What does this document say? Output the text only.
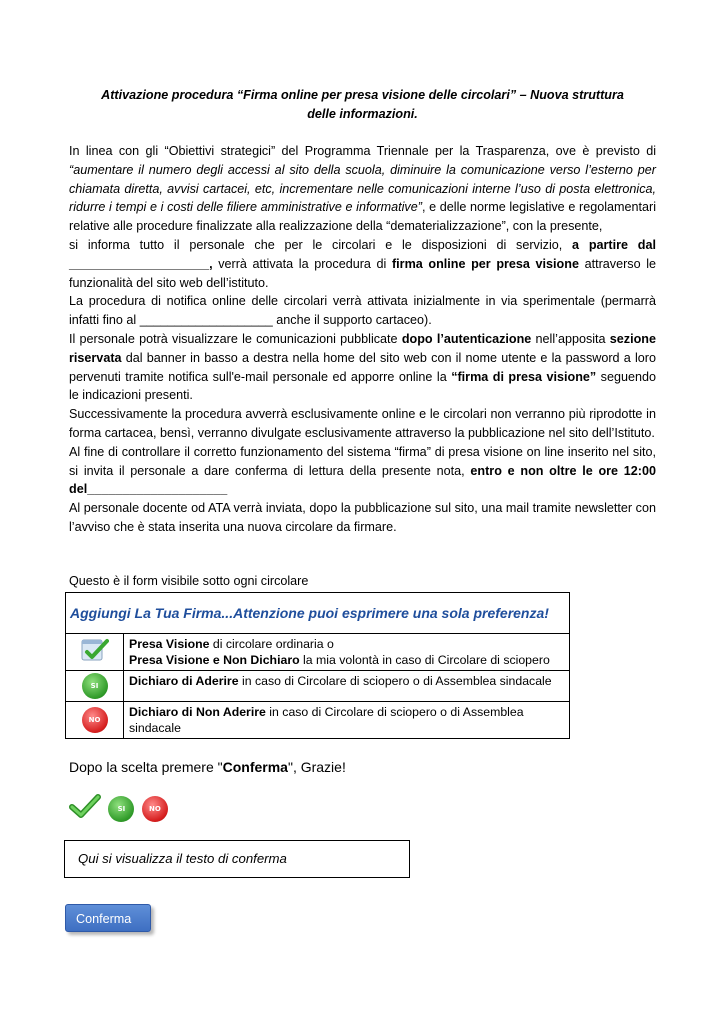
Attivazione procedura “Firma online per presa visione delle circolari” – Nuova struttura delle informazioni.

In linea con gli “Obiettivi strategici” del Programma Triennale per la Trasparenza, ove è previsto di “aumentare il numero degli accessi al sito della scuola, diminuire la comunicazione verso l’esterno per chiamata diretta, avvisi cartacei, etc, incrementare nelle comunicazioni interne l’uso di posta elettronica, ridurre i tempi e i costi delle filiere amministrative e informative”, e delle norme legislative e regolamentari relative alle procedure finalizzate alla realizzazione della “dematerializzazione”, con la presente,

si informa tutto il personale che per le circolari e le disposizioni di servizio, a partire dal ____________________, verrà attivata la procedura di firma online per presa visione attraverso le funzionalità del sito web dell’istituto.

La procedura di notifica online delle circolari verrà attivata inizialmente in via sperimentale (permarrà infatti fino al ___________________ anche il supporto cartaceo).

Il personale potrà visualizzare le comunicazioni pubblicate dopo l’autenticazione nell’apposita sezione riservata dal banner in basso a destra nella home del sito web con il nome utente e la password a loro pervenuti tramite notifica sull'e-mail personale ed apporre online la “firma di presa visione” seguendo le indicazioni presenti.

Successivamente la procedura avverrà esclusivamente online e le circolari non verranno più riprodotte in forma cartacea, bensì, verranno divulgate esclusivamente attraverso la pubblicazione nel sito dell’Istituto.

Al fine di controllare il corretto funzionamento del sistema “firma” di presa visione on line inserito nel sito, si invita il personale a dare conferma di lettura della presente nota, entro e non oltre le ore 12:00 del____________________

Al personale docente od ATA verrà inviata, dopo la pubblicazione sul sito, una mail tramite newsletter con l’avviso che è stata inserita una nuova circolare da firmare.

Questo è il form visibile sotto ogni circolare
Aggiungi La Tua Firma...Attenzione puoi esprimere una sola preferenza!	
	Presa Visione di circolare ordinaria o
Presa Visione e Non Dichiaro la mia volontà in caso di Circolare di sciopero
SI	Dichiaro di Aderire in caso di Circolare di sciopero o di Assemblea sindacale
NO	Dichiaro di Non Aderire in caso di Circolare di sciopero o di Assemblea sindacale
Dopo la scelta premere "Conferma", Grazie!
SI	NO
Qui si visualizza il testo di conferma
Conferma
